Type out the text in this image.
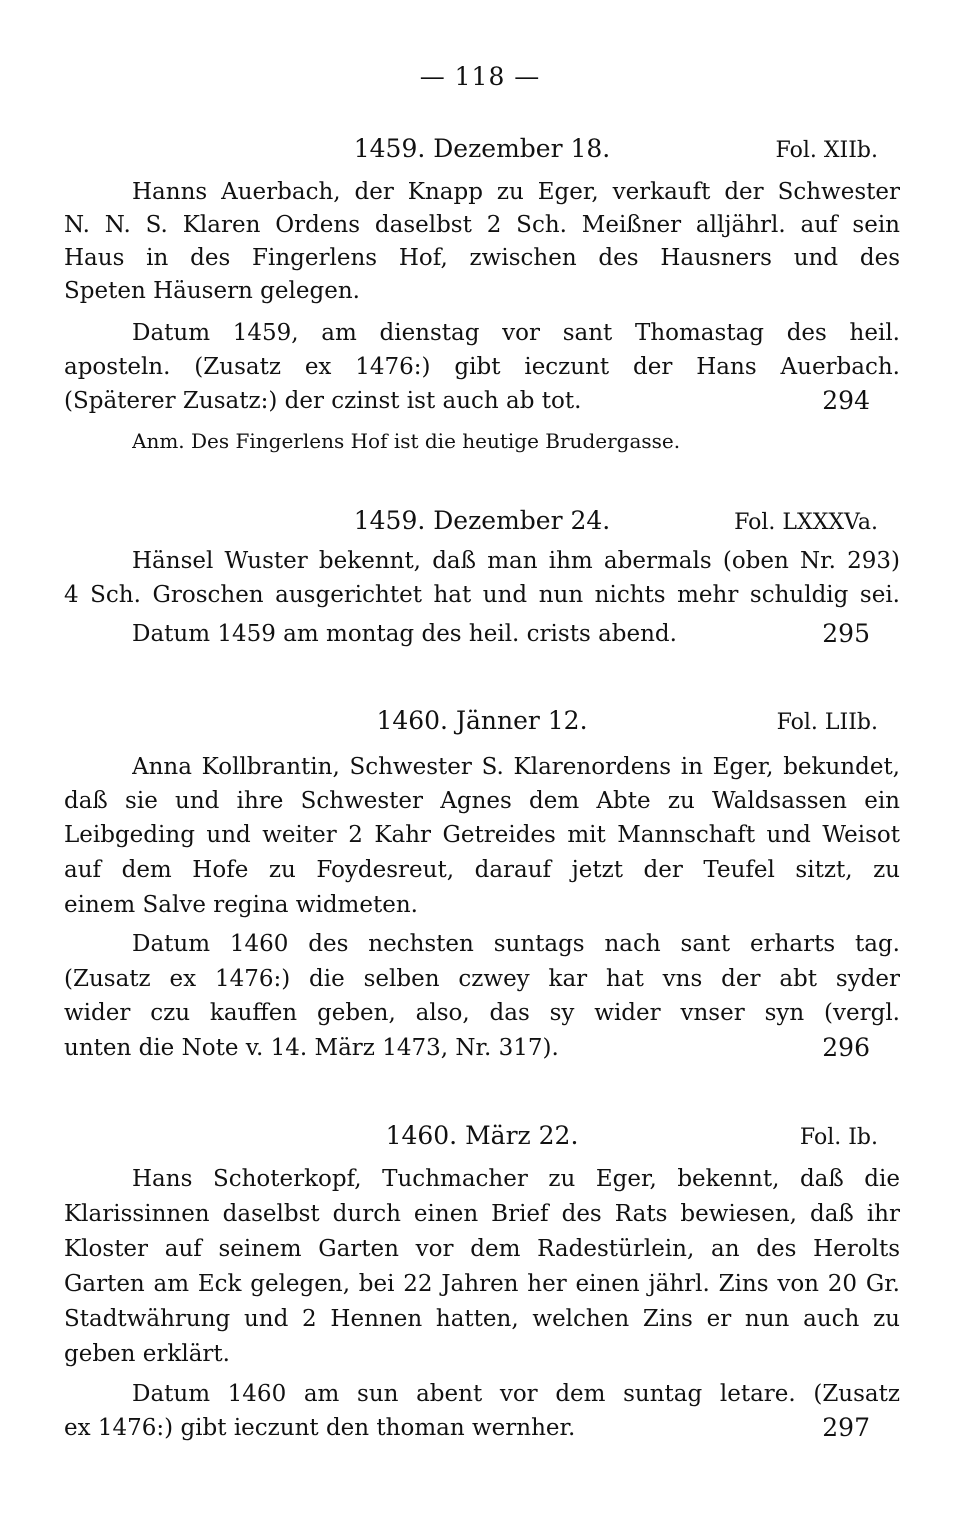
— 118 —
1459. Dezember 18.	Fol. XIIb.
Hanns Auerbach, der Knapp zu Eger, verkauft der Schwester
N. N. S. Klaren Ordens daselbst 2 Sch. Meißner alljährl. auf sein
Haus in des Fingerlens Hof, zwischen des Hausners und des
Speten Häusern gelegen.
Datum 1459, am dienstag vor sant Thomastag des heil.
aposteln. (Zusatz ex 1476:) gibt ieczunt der Hans Auerbach.
(Späterer Zusatz:) der czinst ist auch ab tot.	294
Anm. Des Fingerlens Hof ist die heutige Brudergasse.
1459. Dezember 24.	Fol. LXXXVa.
Hänsel Wuster bekennt, daß man ihm abermals (oben Nr. 293)
4 Sch. Groschen ausgerichtet hat und nun nichts mehr schuldig sei.
Datum 1459 am montag des heil. crists abend.	295
1460. Jänner 12.	Fol. LIIb.
Anna Kollbrantin, Schwester S. Klarenordens in Eger, bekundet,
daß sie und ihre Schwester Agnes dem Abte zu Waldsassen ein
Leibgeding und weiter 2 Kahr Getreides mit Mannschaft und Weisot
auf dem Hofe zu Foydesreut, darauf jetzt der Teufel sitzt, zu
einem Salve regina widmeten.
Datum 1460 des nechsten suntags nach sant erharts tag.
(Zusatz ex 1476:) die selben czwey kar hat vns der abt syder
wider czu kauffen geben, also, das sy wider vnser syn (vergl.
unten die Note v. 14. März 1473, Nr. 317).	296
1460. März 22.	Fol. Ib.
Hans Schoterkopf, Tuchmacher zu Eger, bekennt, daß die
Klarissinnen daselbst durch einen Brief des Rats bewiesen, daß ihr
Kloster auf seinem Garten vor dem Radestürlein, an des Herolts
Garten am Eck gelegen, bei 22 Jahren her einen jährl. Zins von 20 Gr.
Stadtwährung und 2 Hennen hatten, welchen Zins er nun auch zu
geben erklärt.
Datum 1460 am sun abent vor dem suntag letare. (Zusatz
ex 1476:) gibt ieczunt den thoman wernher.	297
